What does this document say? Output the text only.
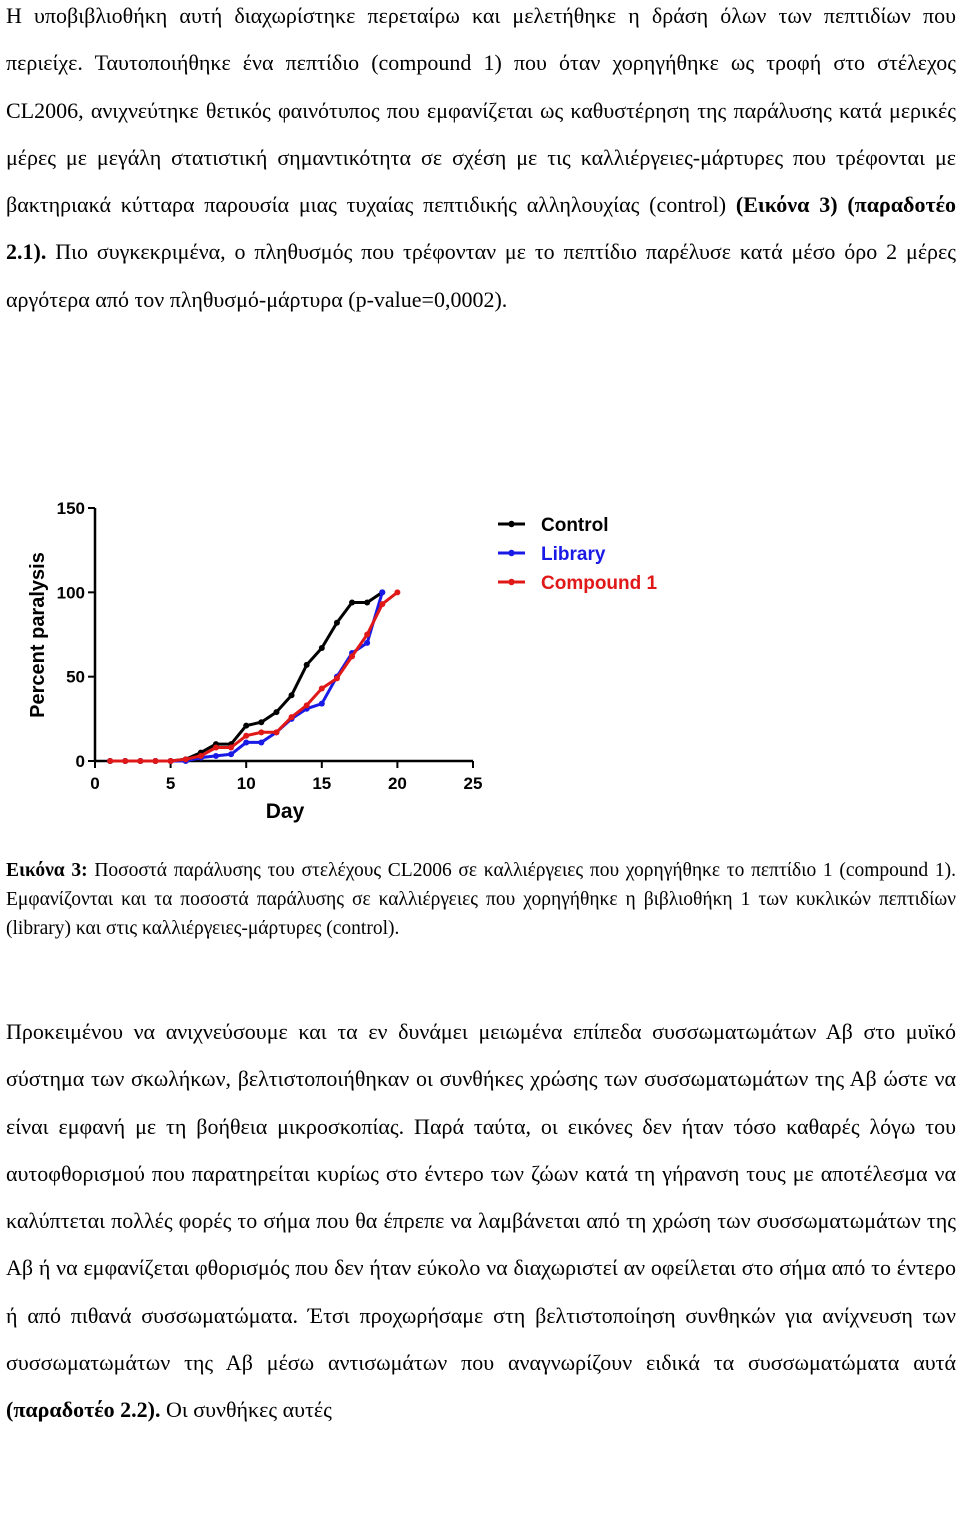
Η υποβιβλιοθήκη αυτή διαχωρίστηκε περεταίρω και μελετήθηκε η δράση όλων των πεπτιδίων που περιείχε. Ταυτοποιήθηκε ένα πεπτίδιο (compound 1) που όταν χορηγήθηκε ως τροφή στο στέλεχος CL2006, ανιχνεύτηκε θετικός φαινότυπος που εμφανίζεται ως καθυστέρηση της παράλυσης κατά μερικές μέρες με μεγάλη στατιστική σημαντικότητα σε σχέση με τις καλλιέργειες-μάρτυρες που τρέφονται με βακτηριακά κύτταρα παρουσία μιας τυχαίας πεπτιδικής αλληλουχίας (control) (Εικόνα 3) (παραδοτέο 2.1). Πιο συγκεκριμένα, ο πληθυσμός που τρέφονταν με το πεπτίδιο παρέλυσε κατά μέσο όρο 2 μέρες αργότερα από τον πληθυσμό-μάρτυρα (p-value=0,0002).
0	5	10	15	20	25
0
50
100
150
Control
Library
Compound 1
Day
Percent paralysis
Εικόνα 3: Ποσοστά παράλυσης του στελέχους CL2006 σε καλλιέργειες που χορηγήθηκε το πεπτίδιο 1 (compound 1). Εμφανίζονται και τα ποσοστά παράλυσης σε καλλιέργειες που χορηγήθηκε η βιβλιοθήκη 1 των κυκλικών πεπτιδίων (library) και στις καλλιέργειες-μάρτυρες (control).
Προκειμένου να ανιχνεύσουμε και τα εν δυνάμει μειωμένα επίπεδα συσσωματωμάτων Αβ στο μυϊκό σύστημα των σκωλήκων, βελτιστοποιήθηκαν οι συνθήκες χρώσης των συσσωματωμάτων της Αβ ώστε να είναι εμφανή με τη βοήθεια μικροσκοπίας. Παρά ταύτα, οι εικόνες δεν ήταν τόσο καθαρές λόγω του αυτοφθορισμού που παρατηρείται κυρίως στο έντερο των ζώων κατά τη γήρανση τους με αποτέλεσμα να καλύπτεται πολλές φορές το σήμα που θα έπρεπε να λαμβάνεται από τη χρώση των συσσωματωμάτων της Αβ ή να εμφανίζεται φθορισμός που δεν ήταν εύκολο να διαχωριστεί αν οφείλεται στο σήμα από το έντερο ή από πιθανά συσσωματώματα. Έτσι προχωρήσαμε στη βελτιστοποίηση συνθηκών για ανίχνευση των συσσωματωμάτων της Αβ μέσω αντισωμάτων που αναγνωρίζουν ειδικά τα συσσωματώματα αυτά (παραδοτέο 2.2). Οι συνθήκες αυτές
